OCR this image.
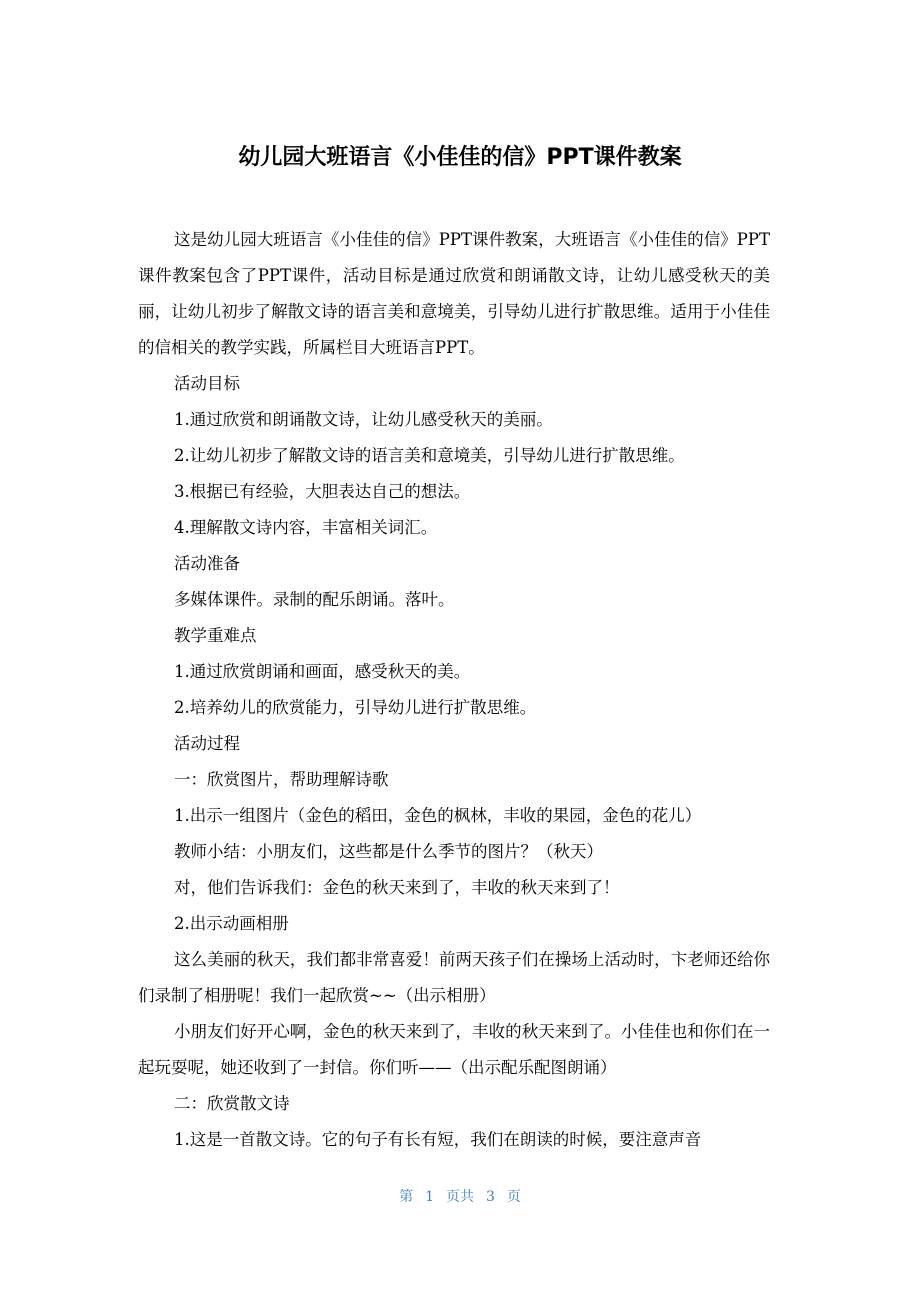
幼儿园大班语言《小佳佳的信》PPT课件教案

这是幼儿园大班语言《小佳佳的信》PPT课件教案，大班语言《小佳佳的信》PPT课件教案包含了PPT课件，活动目标是通过欣赏和朗诵散文诗，让幼儿感受秋天的美丽，让幼儿初步了解散文诗的语言美和意境美，引导幼儿进行扩散思维。适用于小佳佳的信相关的教学实践，所属栏目大班语言PPT。

活动目标

1.通过欣赏和朗诵散文诗，让幼儿感受秋天的美丽。

2.让幼儿初步了解散文诗的语言美和意境美，引导幼儿进行扩散思维。

3.根据已有经验，大胆表达自己的想法。

4.理解散文诗内容，丰富相关词汇。

活动准备

多媒体课件。录制的配乐朗诵。落叶。

教学重难点

1.通过欣赏朗诵和画面，感受秋天的美。

2.培养幼儿的欣赏能力，引导幼儿进行扩散思维。

活动过程

一：欣赏图片，帮助理解诗歌

1.出示一组图片（金色的稻田，金色的枫林，丰收的果园，金色的花儿）

教师小结：小朋友们，这些都是什么季节的图片？（秋天）

对，他们告诉我们：金色的秋天来到了，丰收的秋天来到了！

2.出示动画相册

这么美丽的秋天，我们都非常喜爱！前两天孩子们在操场上活动时，卞老师还给你们录制了相册呢！我们一起欣赏~~（出示相册）

小朋友们好开心啊，金色的秋天来到了，丰收的秋天来到了。小佳佳也和你们在一起玩耍呢，她还收到了一封信。你们听——（出示配乐配图朗诵）

二：欣赏散文诗

1.这是一首散文诗。它的句子有长有短，我们在朗读的时候，要注意声音

第 1 页共 3 页
